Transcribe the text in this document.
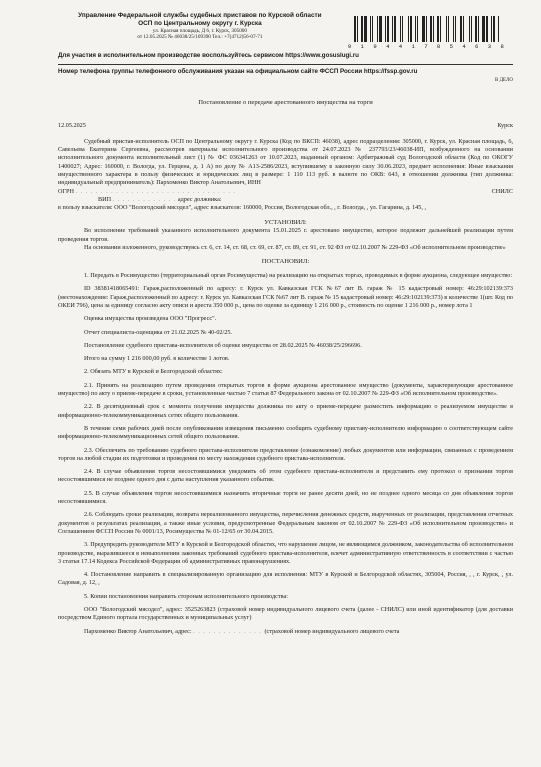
Управление Федеральной службы судебных приставов по Курской области
ОСП по Центральному округу г. Курска
ул. Красная площадь, Д 6, г. Курск, 305000
от 12.05.2025 № 46038/25/109390 Тел.: +7(4712)56-07-71
9 1 9 4 4 1 7 8 5 4 6 3 8
Для участия в исполнительном производстве воспользуйтесь сервисом https://www.gosuslugi.ru
Номер телефона группы телефонного обслуживания указан на официальном сайте ФССП России https://fssp.gov.ru
В ДЕЛО
Постановление о передаче арестованного имущества на торги
12.05.2025	Курск

Судебный пристав-исполнитель ОСП по Центральному округу г. Курска (Код по ВКСП: 46038), адрес подразделения: 305000, г. Курск, ул. Красная площадь, 6, Савельева Екатерина Сергеевна, рассмотрев материалы исполнительного производства от 24.07.2023 № 237793/23/46038-ИП, возбужденного на основании исполнительного документа исполнительный лист (1) № ФС 036341263 от 10.07.2023, выданный органом: Арбитражный суд Вологодской области (Код по ОКОГУ 1400027; Адрес: 160000, г. Вологда, ул. Герцена, д. 1 А) по делу № А13-2586/2023, вступившему в законную силу 30.06.2023, предмет исполнения: Иные взыскания имущественного характера в пользу физических и юридических лиц в размере: 1 110 113 руб. в валюте по ОКВ: 643, в отношении должника (тип должника: индивидуальный предприниматель): Пархоменко Виктор Анатольевич, ИНН

ОГРН . . . . . . . . . . . . . . . . . . . . . . . . . . . . . . . .	СНИЛС
ВИП . . . . . . . . . . . . . адрес должника:

в пользу взыскателя: ООО "Вологодский мясодел", адрес взыскателя: 160000, Россия, Вологодская обл., , г. Вологда, , ул. Гагарина, д. 145, ,

УСТАНОВИЛ:

Во исполнение требований указанного исполнительного документа 15.01.2025 г. арестовано имущество, которое подлежит дальнейшей реализации путем проведения торгов.

На основании изложенного, руководствуясь ст. 6, ст. 14, ст. 68, ст. 69, ст. 87, ст. 89, ст. 91, ст. 92 ФЗ от 02.10.2007 № 229-ФЗ «Об исполнительном производстве»

ПОСТАНОВИЛ:

1. Передать в Росимущество (территориальный орган Росимущества) на реализацию на открытых торгах, проводимых в форме аукциона, следующее имущество:

ID 38381418065491: Гараж,расположенный по адресу: г. Курск ул. Кавказская ГСК №67 лит В. гараж № 15 кадастровый номер: 46:29:102139:373 (местонахождение: Гараж,расположенный по адресу: г. Курск ул. Кавказская ГСК №67 лит В. гараж № 15 кадастровый номер: 46:29:102139:373) в количестве 1(шт. Код по ОКЕИ 796), цена за единицу согласно акту описи и ареста 350 000 р., цена по оценке за единицу 1 216 000 р., стоимость по оценке 1 216 000 р., номер лота 1

Оценка имущества произведена ООО "Прогресс".

Отчет специалиста-оценщика от 21.02.2025 № 40-02/25.

Постановление судебного пристава-исполнителя об оценке имущества от 28.02.2025 № 46038/25/296696.

Итого на сумму 1 216 000,00 руб. в количестве 1 лотов.

2. Обязать МТУ в Курской и Белгородской областях:

2.1. Принять на реализацию путем проведения открытых торгов в форме аукциона арестованное имущество (документы, характеризующие арестованное имущество) по акту о приеме-передаче в сроки, установленные частью 7 статьи 87 Федерального закона от 02.10.2007 № 229-ФЗ «Об исполнительном производстве».

2.2. В десятидневный срок с момента получения имущества должника по акту о приеме-передаче разместить информацию о реализуемом имуществе в информационно-телекоммуникационных сетях общего пользования.

В течение семи рабочих дней после опубликования извещения письменно сообщить судебному приставу-исполнителю информацию о соответствующем сайте информационно-телекоммуникационных сетей общего пользования.

2.3. Обеспечить по требованию судебного пристава-исполнителя представление (ознакомление) любых документов или информации, связанных с проведением торгов на любой стадии их подготовки и проведения по месту нахождения судебного пристава-исполнителя.

2.4. В случае объявления торгов несостоявшимися уведомить об этом судебного пристава-исполнителя и представить ему протокол о признании торгов несостоявшимися не позднее одного дня с даты наступления указанного события.

2.5. В случае объявления торгов несостоявшимися назначить вторичные торги не ранее десяти дней, но не позднее одного месяца со дня объявления торгов несостоявшимися.

2.6. Соблюдать сроки реализации, возврата нереализованного имущества, перечисления денежных средств, вырученных от реализации, представления отчетных документов о результатах реализации, а также иные условия, предусмотренные Федеральным законом от 02.10.2007 № 229-ФЗ «Об исполнительном производстве» и Соглашением ФССП России № 0001/13, Росимущества № 01-12/65 от 30.04.2015.

3. Предупредить руководителя МТУ в Курской и Белгородской областях, что нарушение лицом, не являющимся должником, законодательства об исполнительном производстве, выразившееся в невыполнении законных требований судебного пристава-исполнителя, влечет административную ответственность в соответствии с частью 3 статьи 17.14 Кодекса Российской Федерации об административных правонарушениях.

4. Постановление направить в специализированную организацию для исполнения: МТУ в Курской и Белгородской областях, 305004, Россия, , , г. Курск, , ул. Садовая, д. 12, ,

5. Копии постановления направить сторонам исполнительного производства:

ООО "Вологодский мясодел", адрес: 3525263823 (страховой номер индивидуального лицевого счета (далее - СНИЛС) или иной идентификатор (для доставки посредством Единого портала государственных и муниципальных услуг)

Пархоменко Виктор Анатольевич, адрес: . . . . . . . . . . . . . . (страховой номер индивидуального лицевого счета
